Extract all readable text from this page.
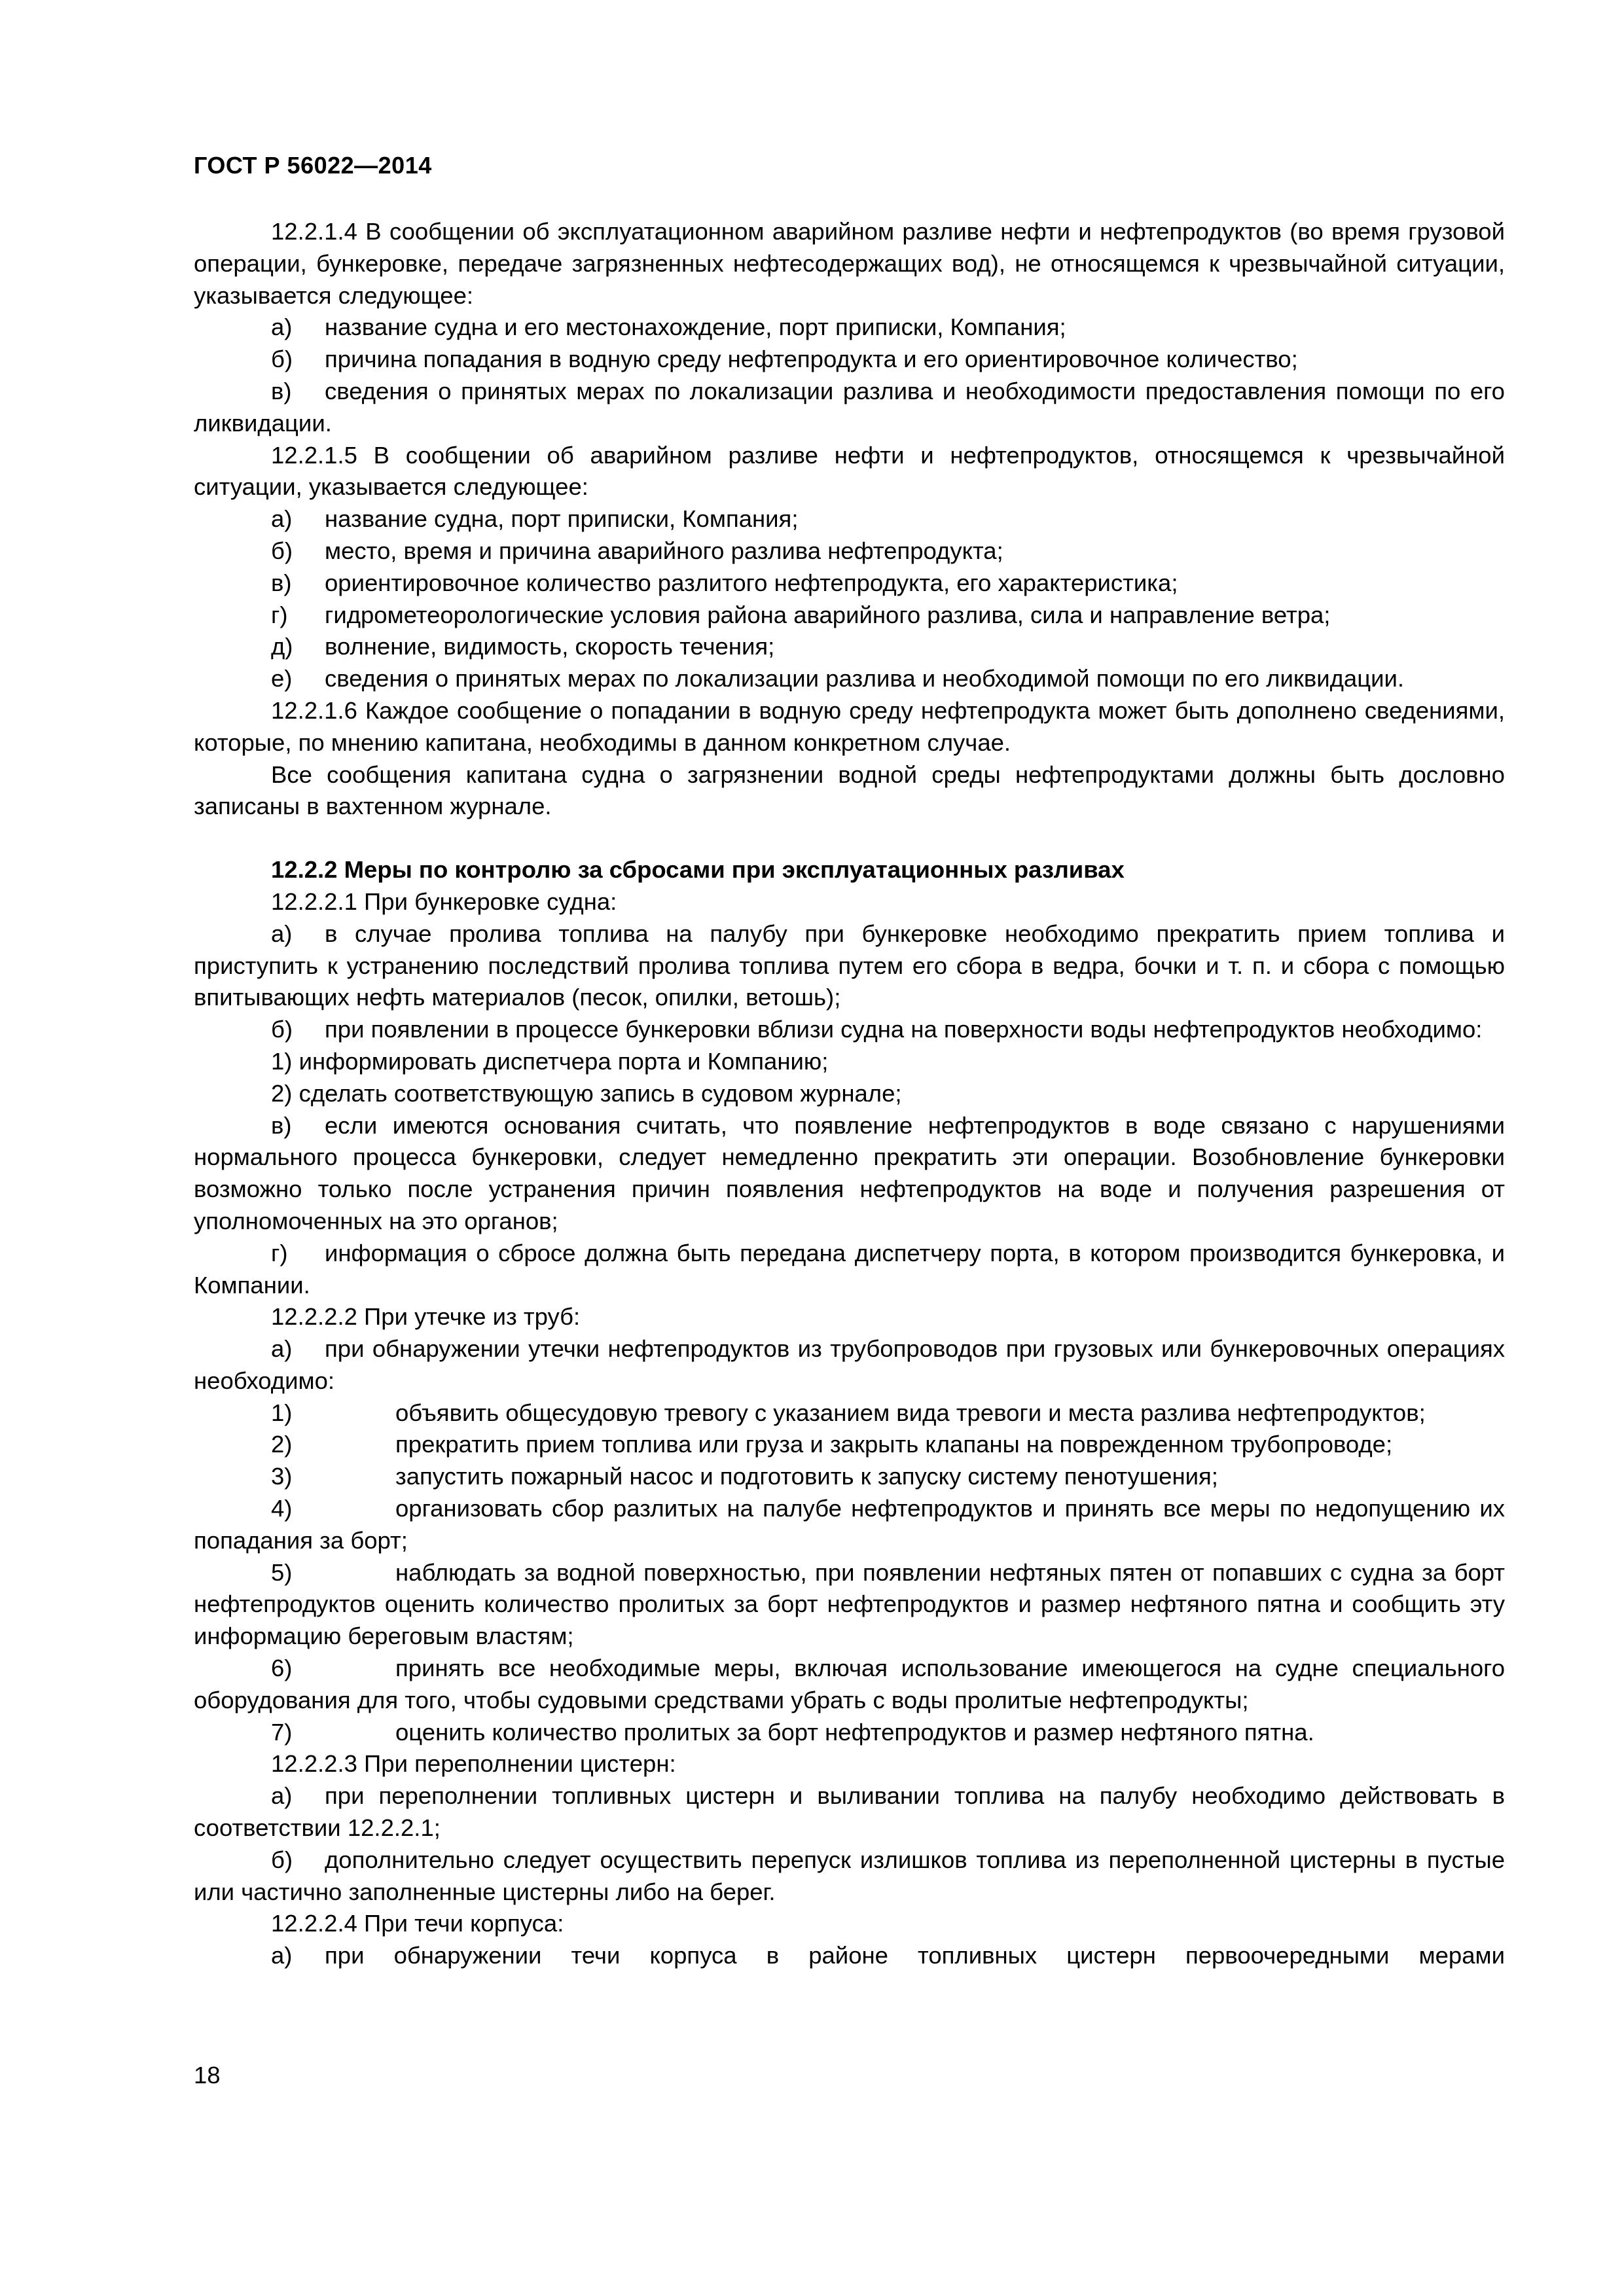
ГОСТ Р 56022—2014

12.2.1.4 В сообщении об эксплуатационном аварийном разливе нефти и нефтепродуктов (во время грузовой операции, бункеровке, передаче загрязненных нефтесодержащих вод), не относящемся к чрезвычайной ситуации, указывается следующее:

а)	название судна и его местонахождение, порт приписки, Компания;
б)	причина попадания в водную среду нефтепродукта и его ориентировочное количество;

в) сведения о принятых мерах по локализации разлива и необходимости предоставления помощи по его ликвидации.

12.2.1.5 В сообщении об аварийном разливе нефти и нефтепродуктов, относящемся к чрезвычайной ситуации, указывается следующее:

а)	название судна, порт приписки, Компания;
б)	место, время и причина аварийного разлива нефтепродукта;
в)	ориентировочное количество разлитого нефтепродукта, его характеристика;
г)	гидрометеорологические условия района аварийного разлива, сила и направление ветра;
д)	волнение, видимость, скорость течения;

е) сведения о принятых мерах по локализации разлива и необходимой помощи по его ликвидации.

12.2.1.6 Каждое сообщение о попадании в водную среду нефтепродукта может быть дополнено сведениями, которые, по мнению капитана, необходимы в данном конкретном случае.

Все сообщения капитана судна о загрязнении водной среды нефтепродуктами должны быть дословно записаны в вахтенном журнале.

12.2.2 Меры по контролю за сбросами при эксплуатационных разливах

12.2.2.1 При бункеровке судна:

а) в случае пролива топлива на палубу при бункеровке необходимо прекратить прием топлива и приступить к устранению последствий пролива топлива путем его сбора в ведра, бочки и т. п. и сбора с помощью впитывающих нефть материалов (песок, опилки, ветошь);

б) при появлении в процессе бункеровки вблизи судна на поверхности воды нефтепродуктов необходимо:

1) информировать диспетчера порта и Компанию;

2) сделать соответствующую запись в судовом журнале;

в) если имеются основания считать, что появление нефтепродуктов в воде связано с нарушениями нормального процесса бункеровки, следует немедленно прекратить эти операции. Возобновление бункеровки возможно только после устранения причин появления нефтепродуктов на воде и получения разрешения от уполномоченных на это органов;

г) информация о сбросе должна быть передана диспетчеру порта, в котором производится бункеровка, и Компании.

12.2.2.2 При утечке из труб:

а) при обнаружении утечки нефтепродуктов из трубопроводов при грузовых или бункеровочных операциях необходимо:

1)	объявить общесудовую тревогу с указанием вида тревоги и места разлива нефтепродуктов;

2)	прекратить прием топлива или груза и закрыть клапаны на поврежденном трубопроводе;

3)	запустить пожарный насос и подготовить к запуску систему пенотушения;

4)	организовать сбор разлитых на палубе нефтепродуктов и принять все меры по недопущению их попадания за борт;

5)	наблюдать за водной поверхностью, при появлении нефтяных пятен от попавших с судна за борт нефтепродуктов оценить количество пролитых за борт нефтепродуктов и размер нефтяного пятна и сообщить эту информацию береговым властям;

6)	принять все необходимые меры, включая использование имеющегося на судне специального оборудования для того, чтобы судовыми средствами убрать с воды пролитые нефтепродукты;

7)	оценить количество пролитых за борт нефтепродуктов и размер нефтяного пятна.

12.2.2.3 При переполнении цистерн:

а) при переполнении топливных цистерн и выливании топлива на палубу необходимо действовать в соответствии 12.2.2.1;

б) дополнительно следует осуществить перепуск излишков топлива из переполненной цистерны в пустые или частично заполненные цистерны либо на берег.

12.2.2.4 При течи корпуса:

а) при обнаружении течи корпуса в районе топливных цистерн первоочередными мерами

18
